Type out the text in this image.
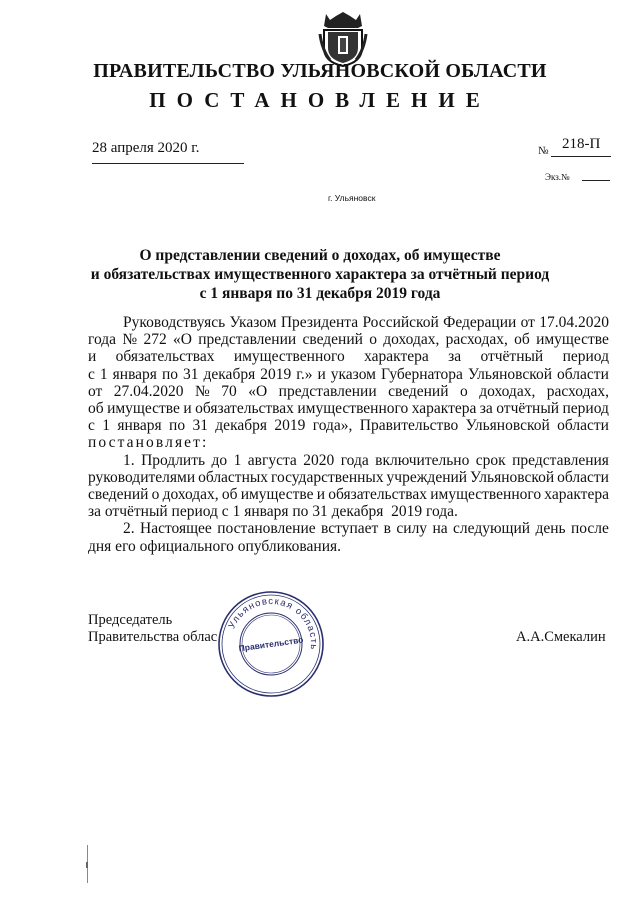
ПРАВИТЕЛЬСТВО УЛЬЯНОВСКОЙ ОБЛАСТИ
ПОСТАНОВЛЕНИЕ
28 апреля 2020 г.	№ 218-П
Экз.№
г. Ульяновск
О представлении сведений о доходах, об имуществе
и обязательствах имущественного характера за отчётный период
с 1 января по 31 декабря 2019 года
Руководствуясь Указом Президента Российской Федерации от 17.04.2020
года № 272 «О представлении сведений о доходах, расходах, об имуществе
и обязательствах имущественного характера за отчётный период
с 1 января по 31 декабря 2019 г.» и указом Губернатора Ульяновской области
от 27.04.2020 № 70 «О представлении сведений о доходах, расходах,
об имуществе и обязательствах имущественного характера за отчётный период
с 1 января по 31 декабря 2019 года», Правительство Ульяновской области
постановляет:
1. Продлить до 1 августа 2020 года включительно срок представления
руководителями областных государственных учреждений Ульяновской области
сведений о доходах, об имуществе и обязательствах имущественного характера
за отчётный период с 1 января по 31 декабря  2019 года.
2. Настоящее постановление вступает в силу на следующий день после
дня его официального опубликования.
Председатель
Правительства облас
Ульяновская область
Правительство	А.А.Смекалин
